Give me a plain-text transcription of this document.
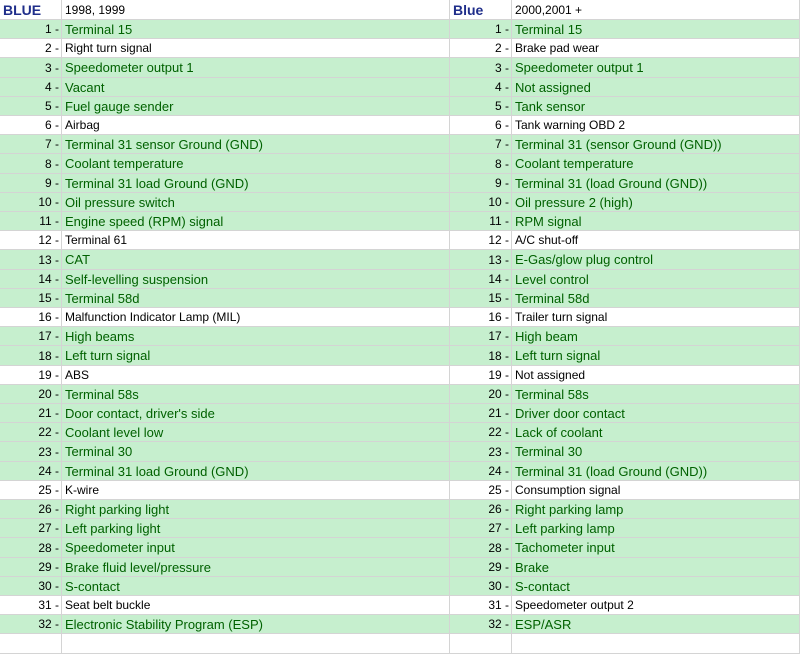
BLUE	1998, 1999	Blue	2000,2001 +
1 - Terminal 15	1 - Terminal 15
2 - Right turn signal	2 - Brake pad wear
3 - Speedometer output 1	3 - Speedometer output 1
4 - Vacant	4 - Not assigned
5 - Fuel gauge sender	5 - Tank sensor
6 - Airbag	6 - Tank warning OBD 2
7 - Terminal 31 sensor Ground (GND)	7 - Terminal 31 (sensor Ground (GND))
8 - Coolant temperature	8 - Coolant temperature
9 - Terminal 31 load Ground (GND)	9 - Terminal 31 (load Ground (GND))
10 - Oil pressure switch	10 - Oil pressure 2 (high)
11 - Engine speed (RPM) signal	11 - RPM signal
12 - Terminal 61	12 - A/C shut-off
13 - CAT	13 - E-Gas/glow plug control
14 - Self-levelling suspension	14 - Level control
15 - Terminal 58d	15 - Terminal 58d
16 - Malfunction Indicator Lamp (MIL)	16 - Trailer turn signal
17 - High beams	17 - High beam
18 - Left turn signal	18 - Left turn signal
19 - ABS	19 - Not assigned
20 - Terminal 58s	20 - Terminal 58s
21 - Door contact, driver's side	21 - Driver door contact
22 - Coolant level low	22 - Lack of coolant
23 - Terminal 30	23 - Terminal 30
24 - Terminal 31 load Ground (GND)	24 - Terminal 31 (load Ground (GND))
25 - K-wire	25 - Consumption signal
26 - Right parking light	26 - Right parking lamp
27 - Left parking light	27 - Left parking lamp
28 - Speedometer input	28 - Tachometer input
29 - Brake fluid level/pressure	29 - Brake
30 - S-contact	30 - S-contact
31 - Seat belt buckle	31 - Speedometer output 2
32 - Electronic Stability Program (ESP)	32 - ESP/ASR
